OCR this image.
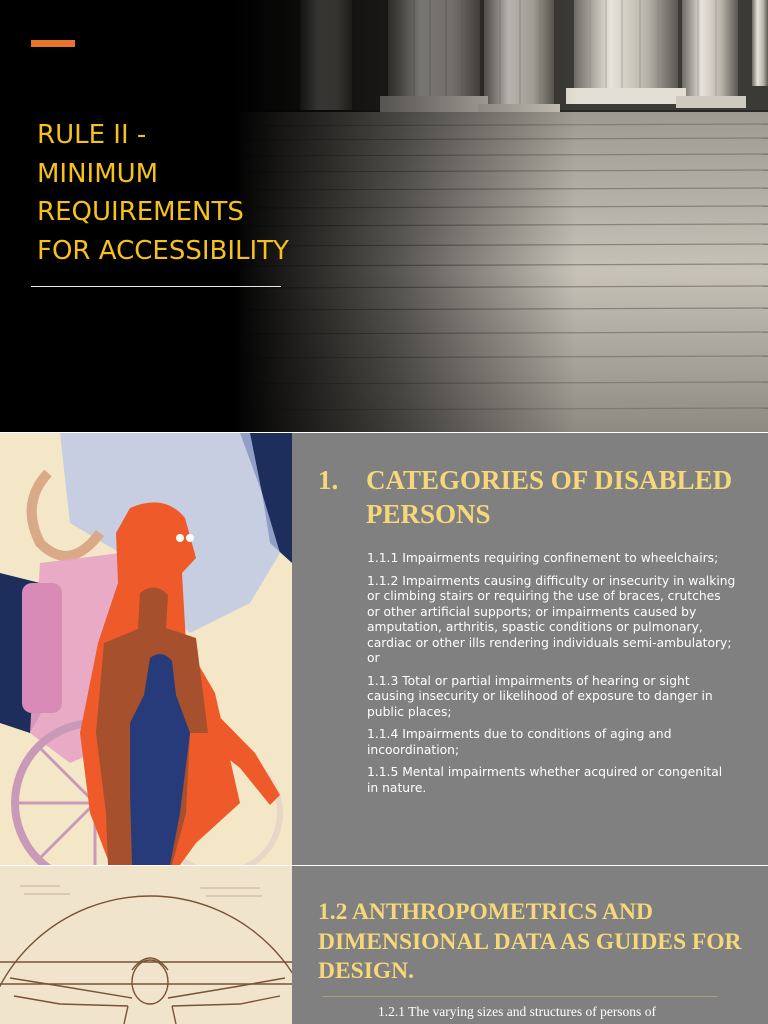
RULE II -
MINIMUM
REQUIREMENTS
FOR ACCESSIBILITY
1.	CATEGORIES OF DISABLED PERSONS
1.1.1 Impairments requiring confinement to wheelchairs;
1.1.2 Impairments causing difficulty or insecurity in walking or climbing stairs or requiring the use of braces, crutches or other artificial supports; or impairments caused by amputation, arthritis, spastic conditions or pulmonary, cardiac or other ills rendering individuals semi-ambulatory; or
1.1.3 Total or partial impairments of hearing or sight causing insecurity or likelihood of exposure to danger in public places;
1.1.4 Impairments due to conditions of aging and incoordination;
1.1.5 Mental impairments whether acquired or congenital in nature.
1.2 ANTHROPOMETRICS AND DIMENSIONAL DATA AS GUIDES FOR DESIGN.

1.2.1 The varying sizes and structures of persons of
